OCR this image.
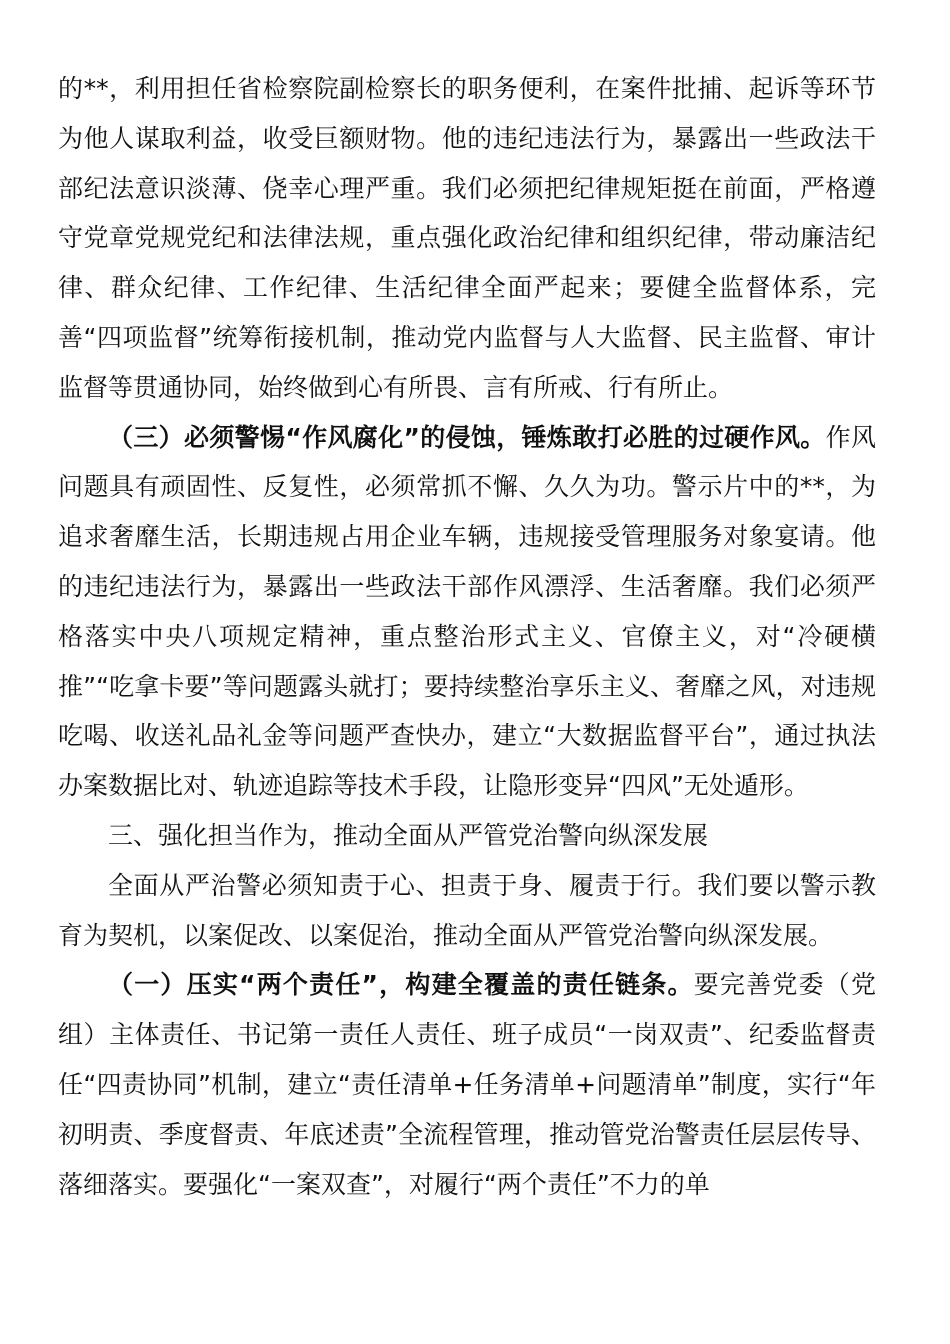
的**，利用担任省检察院副检察长的职务便利，在案件批捕、起诉等环节为他人谋取利益，收受巨额财物。他的违纪违法行为，暴露出一些政法干部纪法意识淡薄、侥幸心理严重。我们必须把纪律规矩挺在前面，严格遵守党章党规党纪和法律法规，重点强化政治纪律和组织纪律，带动廉洁纪律、群众纪律、工作纪律、生活纪律全面严起来；要健全监督体系，完善“四项监督”统筹衔接机制，推动党内监督与人大监督、民主监督、审计监督等贯通协同，始终做到心有所畏、言有所戒、行有所止。

（三）必须警惕“作风腐化”的侵蚀，锤炼敢打必胜的过硬作风。作风问题具有顽固性、反复性，必须常抓不懈、久久为功。警示片中的**，为追求奢靡生活，长期违规占用企业车辆，违规接受管理服务对象宴请。他的违纪违法行为，暴露出一些政法干部作风漂浮、生活奢靡。我们必须严格落实中央八项规定精神，重点整治形式主义、官僚主义，对“冷硬横推”“吃拿卡要”等问题露头就打；要持续整治享乐主义、奢靡之风，对违规吃喝、收送礼品礼金等问题严查快办，建立“大数据监督平台”，通过执法办案数据比对、轨迹追踪等技术手段，让隐形变异“四风”无处遁形。

三、强化担当作为，推动全面从严管党治警向纵深发展

全面从严治警必须知责于心、担责于身、履责于行。我们要以警示教育为契机，以案促改、以案促治，推动全面从严管党治警向纵深发展。

（一）压实“两个责任”，构建全覆盖的责任链条。要完善党委（党组）主体责任、书记第一责任人责任、班子成员“一岗双责”、纪委监督责任“四责协同”机制，建立“责任清单+任务清单+问题清单”制度，实行“年初明责、季度督责、年底述责”全流程管理，推动管党治警责任层层传导、落细落实。要强化“一案双查”，对履行“两个责任”不力的单
